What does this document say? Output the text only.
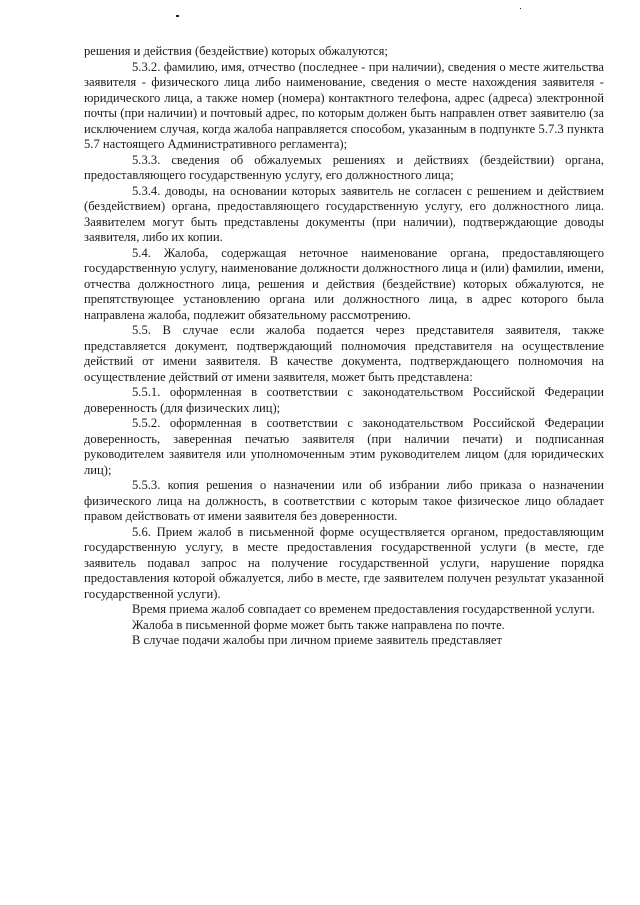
решения и действия (бездействие) которых обжалуются;

5.3.2. фамилию, имя, отчество (последнее - при наличии), сведения о месте жительства заявителя - физического лица либо наименование, сведения о месте нахождения заявителя - юридического лица, а также номер (номера) контактного телефона, адрес (адреса) электронной почты (при наличии) и почтовый адрес, по которым должен быть направлен ответ заявителю (за исключением случая, когда жалоба направляется способом, указанным в подпункте 5.7.3 пункта 5.7 настоящего Административного регламента);

5.3.3. сведения об обжалуемых решениях и действиях (бездействии) органа, предоставляющего государственную услугу, его должностного лица;

5.3.4. доводы, на основании которых заявитель не согласен с решением и действием (бездействием) органа, предоставляющего государственную услугу, его должностного лица. Заявителем могут быть представлены документы (при наличии), подтверждающие доводы заявителя, либо их копии.

5.4. Жалоба, содержащая неточное наименование органа, предоставляющего государственную услугу, наименование должности должностного лица и (или) фамилии, имени, отчества должностного лица, решения и действия (бездействие) которых обжалуются, не препятствующее установлению органа или должностного лица, в адрес которого была направлена жалоба, подлежит обязательному рассмотрению.

5.5. В случае если жалоба подается через представителя заявителя, также представляется документ, подтверждающий полномочия представителя на осуществление действий от имени заявителя. В качестве документа, подтверждающего полномочия на осуществление действий от имени заявителя, может быть представлена:

5.5.1. оформленная в соответствии с законодательством Российской Федерации доверенность (для физических лиц);

5.5.2. оформленная в соответствии с законодательством Российской Федерации доверенность, заверенная печатью заявителя (при наличии печати) и подписанная руководителем заявителя или уполномоченным этим руководителем лицом (для юридических лиц);

5.5.3. копия решения о назначении или об избрании либо приказа о назначении физического лица на должность, в соответствии с которым такое физическое лицо обладает правом действовать от имени заявителя без доверенности.

5.6. Прием жалоб в письменной форме осуществляется органом, предоставляющим государственную услугу, в месте предоставления государственной услуги (в месте, где заявитель подавал запрос на получение государственной услуги, нарушение порядка предоставления которой обжалуется, либо в месте, где заявителем получен результат указанной государственной услуги).

Время приема жалоб совпадает со временем предоставления государственной услуги.

Жалоба в письменной форме может быть также направлена по почте.

В случае подачи жалобы при личном приеме заявитель представляет
